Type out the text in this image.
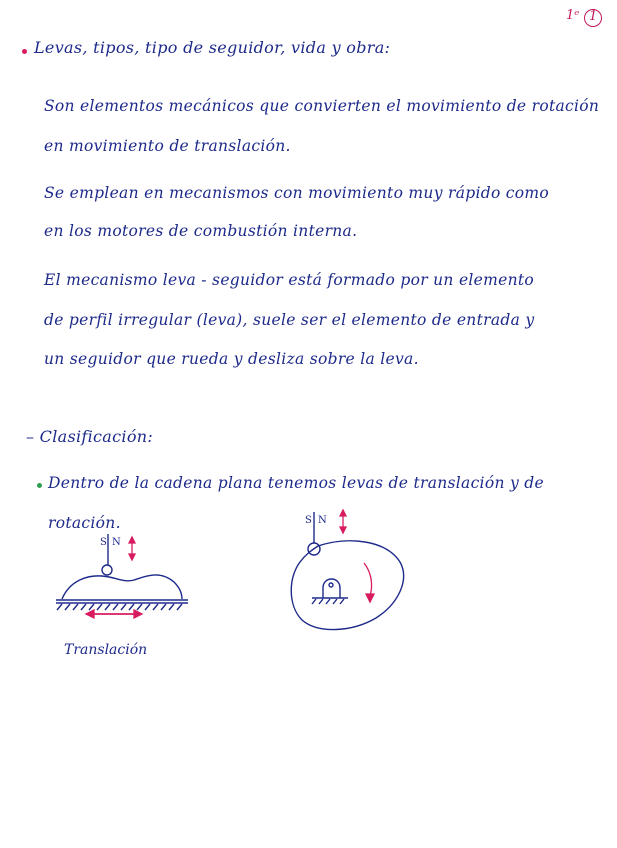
1ᵉ 1
Levas, tipos, tipo de seguidor, vida y obra:
Son elementos mecánicos que convierten el movimiento de rotación
en movimiento de translación.
Se emplean en mecanismos con movimiento muy rápido como
en los motores de combustión interna.
El mecanismo leva - seguidor está formado por un elemento
de perfil irregular (leva), suele ser el elemento de entrada y
un seguidor que rueda y desliza sobre la leva.
– Clasificación:
Dentro de la cadena plana tenemos levas de translación y de
rotación.
S N
Translación
S N
